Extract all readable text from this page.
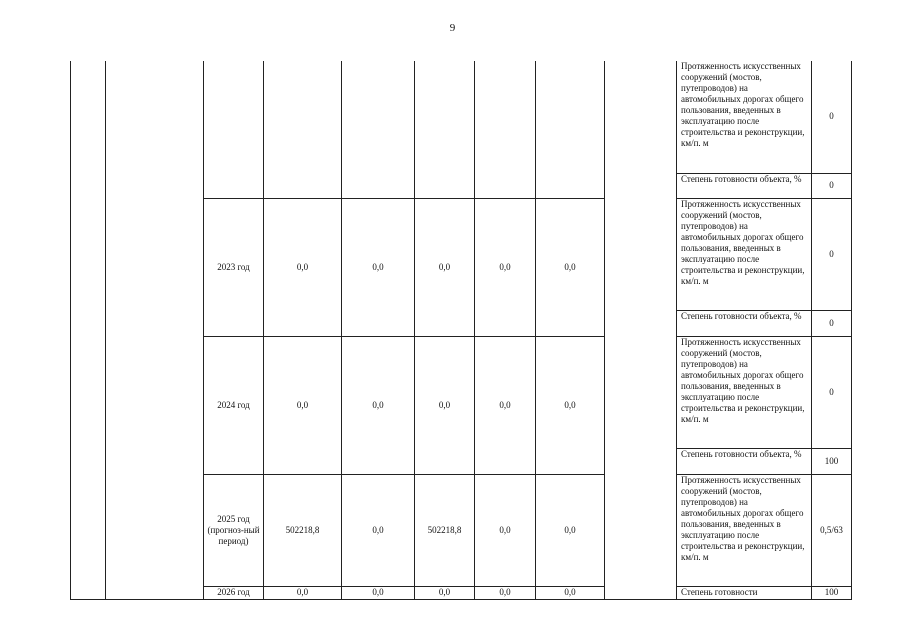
9
									Протяженность искусственных сооружений (мостов, путепроводов) на автомобильных дорогах общего пользования, введенных в эксплуатацию после строительства и реконструкции, км/п. м	0
									Степень готовности объекта, %	0
		2023 год	0,0	0,0	0,0	0,0	0,0		Протяженность искусственных сооружений (мостов, путепроводов) на автомобильных дорогах общего пользования, введенных в эксплуатацию после строительства и реконструкции, км/п. м	0
									Степень готовности объекта, %	0
		2024 год	0,0	0,0	0,0	0,0	0,0		Протяженность искусственных сооружений (мостов, путепроводов) на автомобильных дорогах общего пользования, введенных в эксплуатацию после строительства и реконструкции, км/п. м	0
									Степень готовности объекта, %	100
		2025 год (прогноз-ный период)	502218,8	0,0	502218,8	0,0	0,0		Протяженность искусственных сооружений (мостов, путепроводов) на автомобильных дорогах общего пользования, введенных в эксплуатацию после строительства и реконструкции, км/п. м	0,5/63
		2026 год	0,0	0,0	0,0	0,0	0,0		Степень готовности	100
